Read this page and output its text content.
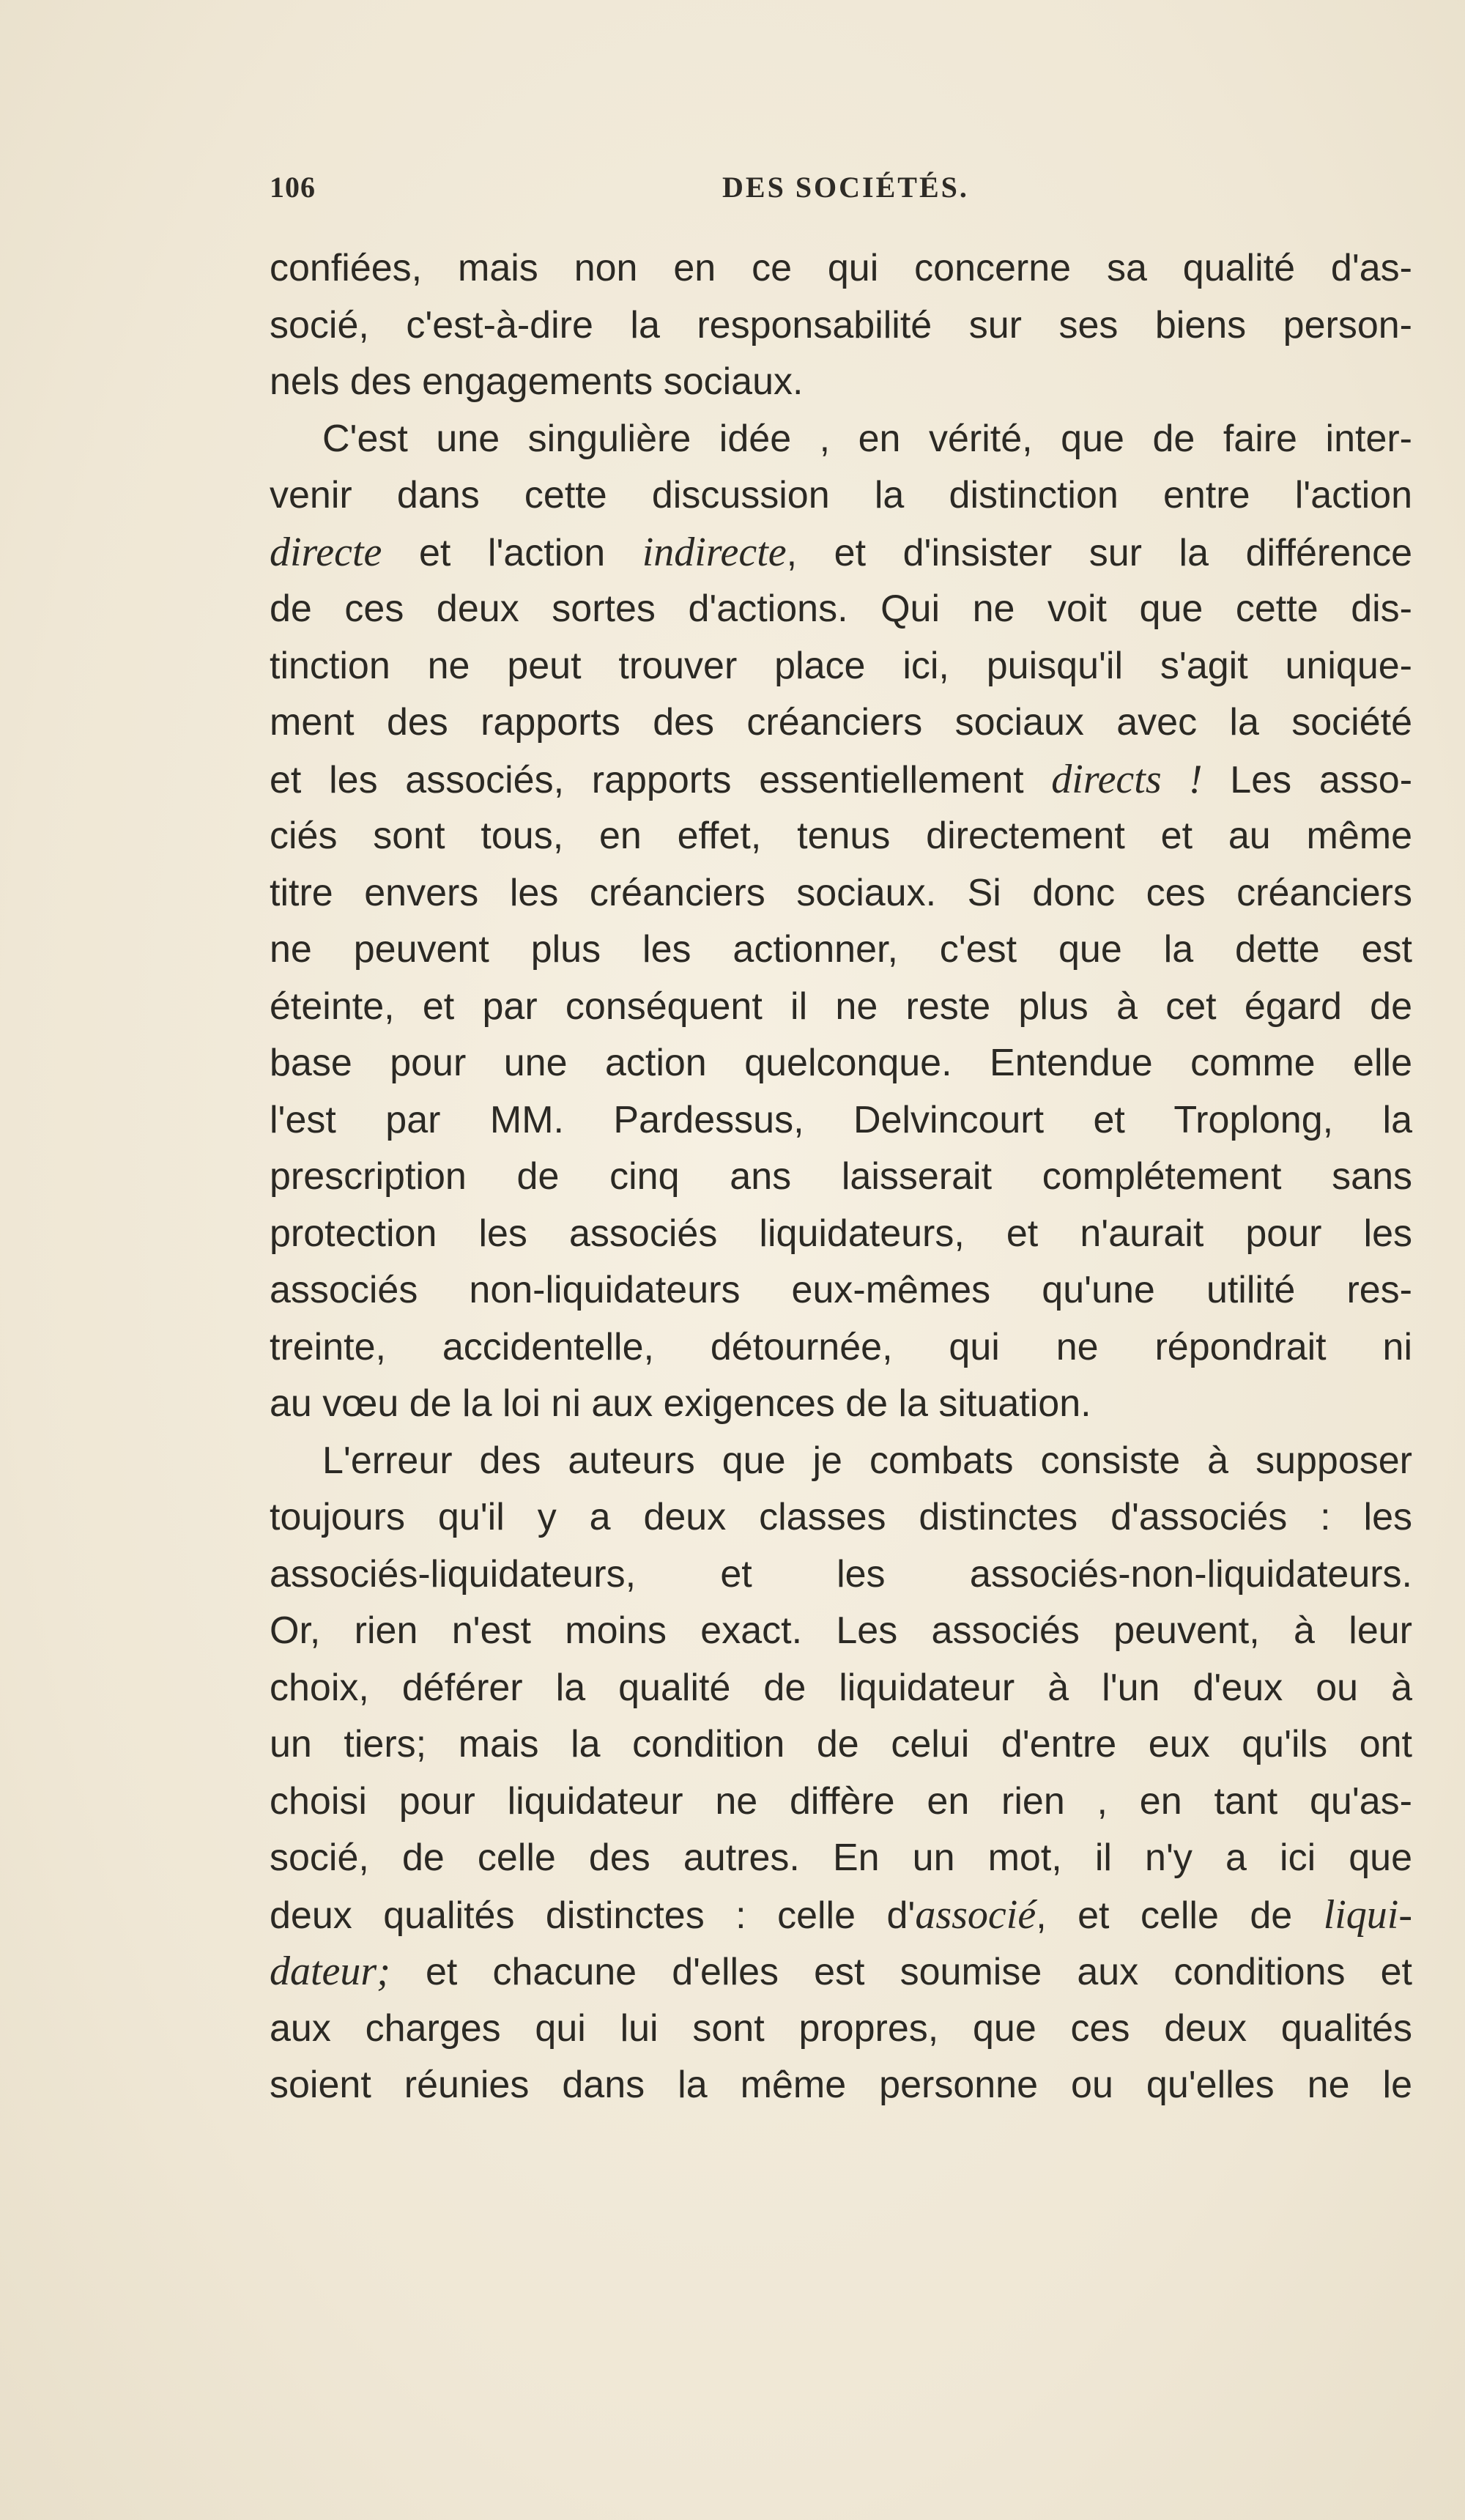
106	DES SOCIÉTÉS.
confiées, mais non en ce qui concerne sa qualité d'as-
socié, c'est-à-dire la responsabilité sur ses biens person-
nels des engagements sociaux.
C'est une singulière idée , en vérité, que de faire inter-
venir dans cette discussion la distinction entre l'action
directe et l'action indirecte, et d'insister sur la différence
de ces deux sortes d'actions. Qui ne voit que cette dis-
tinction ne peut trouver place ici, puisqu'il s'agit unique-
ment des rapports des créanciers sociaux avec la société
et les associés, rapports essentiellement directs ! Les asso-
ciés sont tous, en effet, tenus directement et au même
titre envers les créanciers sociaux. Si donc ces créanciers
ne peuvent plus les actionner, c'est que la dette est
éteinte, et par conséquent il ne reste plus à cet égard de
base pour une action quelconque. Entendue comme elle
l'est par MM. Pardessus, Delvincourt et Troplong, la
prescription de cinq ans laisserait complétement sans
protection les associés liquidateurs, et n'aurait pour les
associés non-liquidateurs eux-mêmes qu'une utilité res-
treinte, accidentelle, détournée, qui ne répondrait ni
au vœu de la loi ni aux exigences de la situation.
L'erreur des auteurs que je combats consiste à supposer
toujours qu'il y a deux classes distinctes d'associés : les
associés-liquidateurs, et les associés-non-liquidateurs.
Or, rien n'est moins exact. Les associés peuvent, à leur
choix, déférer la qualité de liquidateur à l'un d'eux ou à
un tiers; mais la condition de celui d'entre eux qu'ils ont
choisi pour liquidateur ne diffère en rien , en tant qu'as-
socié, de celle des autres. En un mot, il n'y a ici que
deux qualités distinctes : celle d'associé, et celle de liqui-
dateur; et chacune d'elles est soumise aux conditions et
aux charges qui lui sont propres, que ces deux qualités
soient réunies dans la même personne ou qu'elles ne le
